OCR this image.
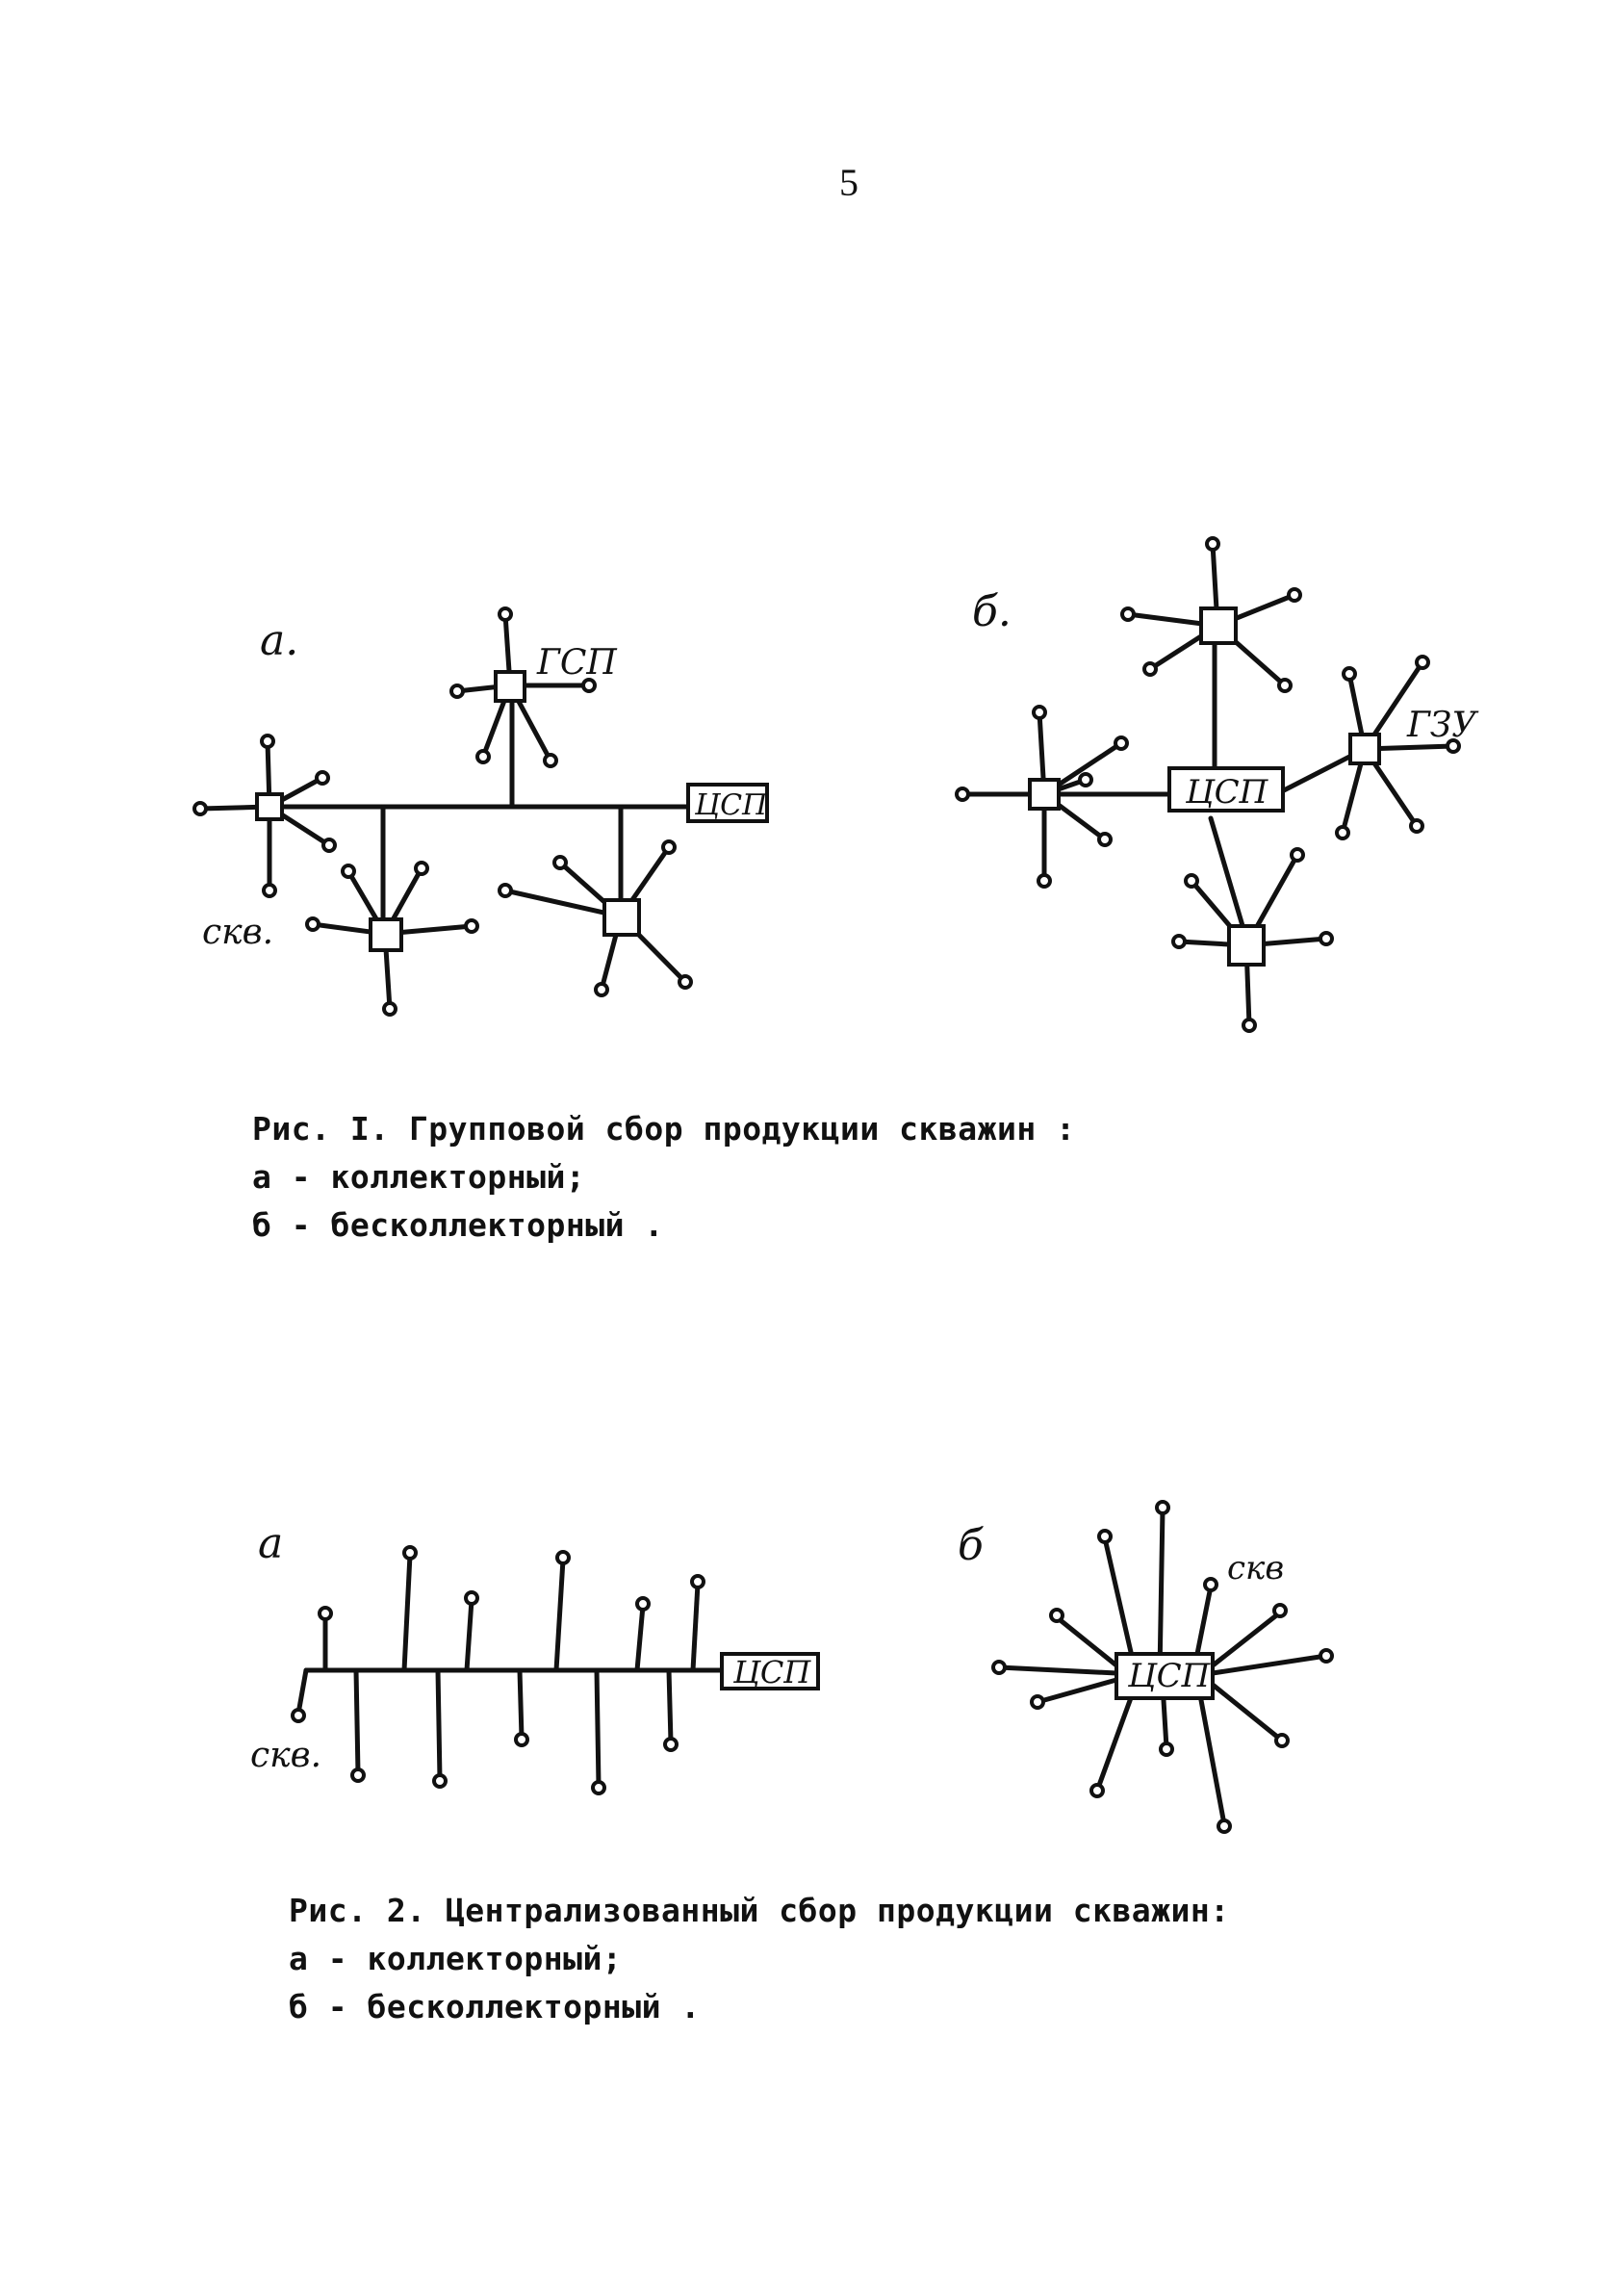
5
а.
ЦСП
ГСП
скв.
б.
ЦСП
ГЗУ
Рис. I. Групповой сбор продукции скважин :
а - коллекторный;
б - бесколлекторный .
а
ЦСП
скв.
б
ЦСП
скв
Рис. 2. Централизованный сбор продукции скважин:
а - коллекторный;
б - бесколлекторный .
